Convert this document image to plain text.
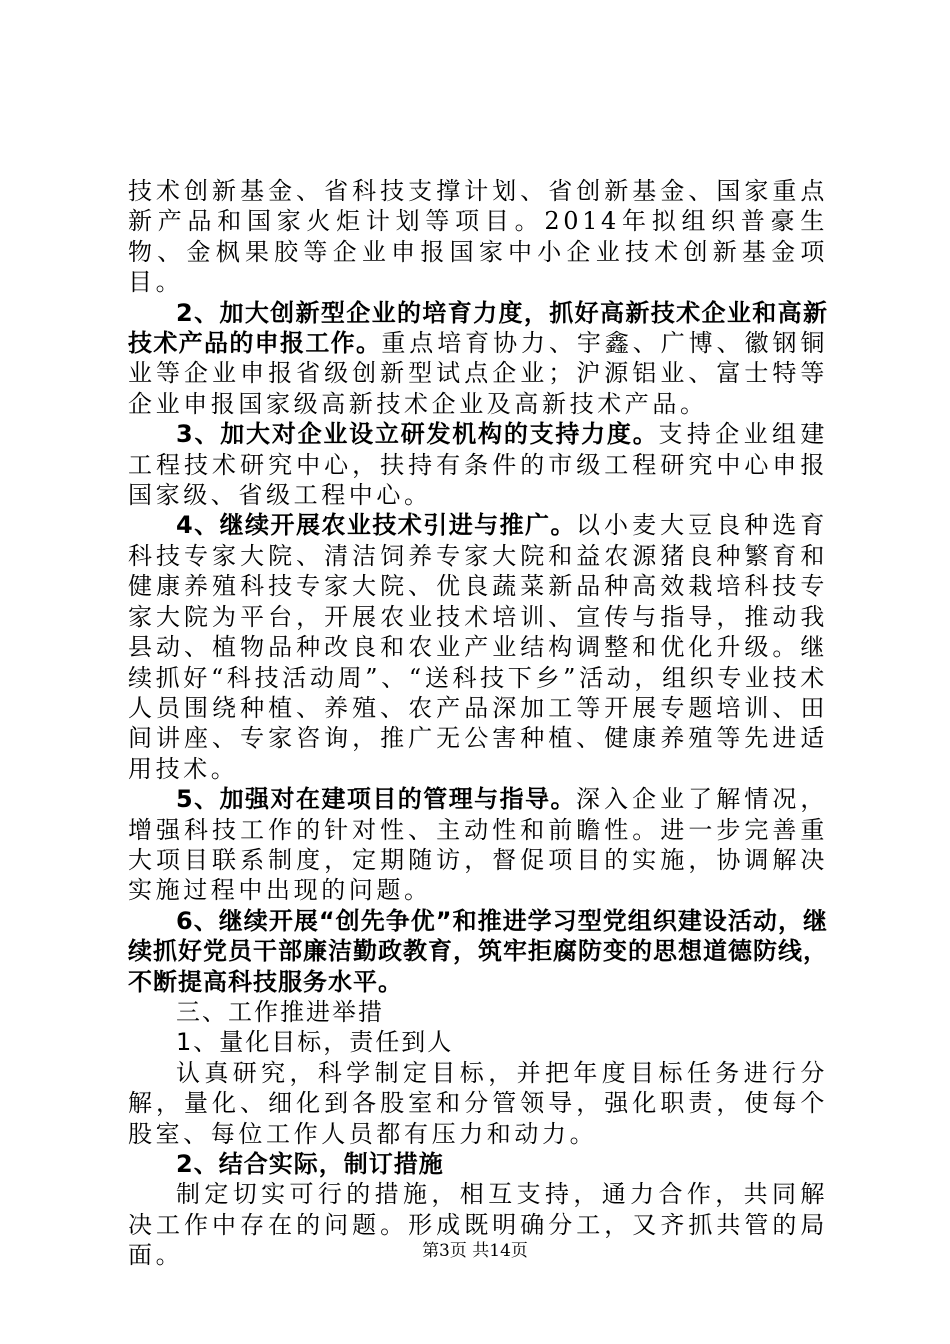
技术创新基金、省科技支撑计划、省创新基金、国家重点新产品和国家火炬计划等项目。2014年拟组织普豪生物、金枫果胶等企业申报国家中小企业技术创新基金项目。

2、加大创新型企业的培育力度，抓好高新技术企业和高新技术产品的申报工作。重点培育协力、宇鑫、广博、徽钢铜业等企业申报省级创新型试点企业；沪源铝业、富士特等企业申报国家级高新技术企业及高新技术产品。

3、加大对企业设立研发机构的支持力度。支持企业组建工程技术研究中心，扶持有条件的市级工程研究中心申报国家级、省级工程中心。

4、继续开展农业技术引进与推广。以小麦大豆良种选育科技专家大院、清洁饲养专家大院和益农源猪良种繁育和健康养殖科技专家大院、优良蔬菜新品种高效栽培科技专家大院为平台，开展农业技术培训、宣传与指导，推动我县动、植物品种改良和农业产业结构调整和优化升级。继续抓好“科技活动周”、“送科技下乡”活动，组织专业技术人员围绕种植、养殖、农产品深加工等开展专题培训、田间讲座、专家咨询，推广无公害种植、健康养殖等先进适用技术。

5、加强对在建项目的管理与指导。深入企业了解情况，增强科技工作的针对性、主动性和前瞻性。进一步完善重大项目联系制度，定期随访，督促项目的实施，协调解决实施过程中出现的问题。

6、继续开展“创先争优”和推进学习型党组织建设活动，继续抓好党员干部廉洁勤政教育，筑牢拒腐防变的思想道德防线，不断提高科技服务水平。

三、工作推进举措

1、量化目标，责任到人

认真研究，科学制定目标，并把年度目标任务进行分解，量化、细化到各股室和分管领导，强化职责，使每个股室、每位工作人员都有压力和动力。

2、结合实际，制订措施

制定切实可行的措施，相互支持，通力合作，共同解决工作中存在的问题。形成既明确分工，又齐抓共管的局面。	第3页 共14页
